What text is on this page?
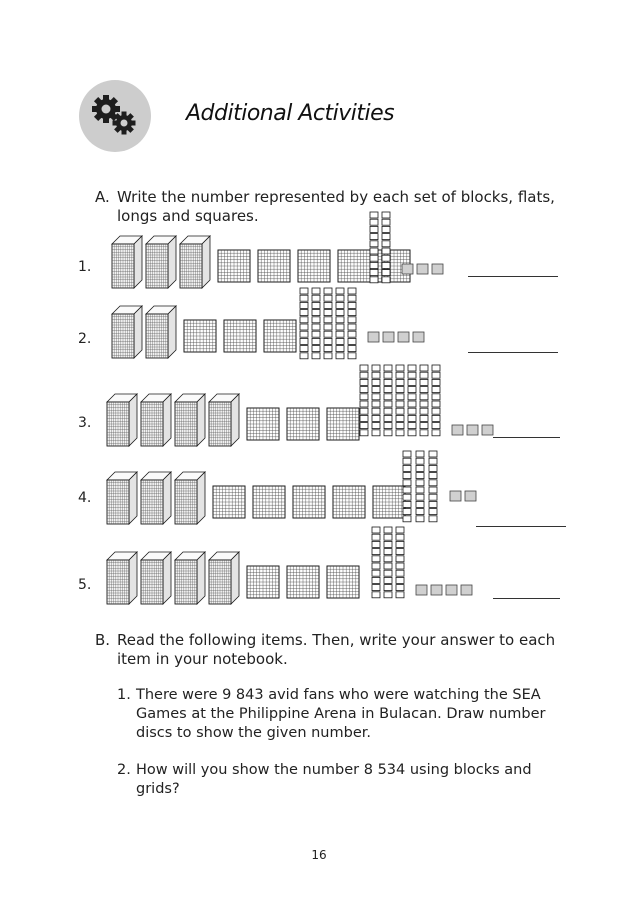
Additional Activities
A. Write the number represented by each set of blocks, flats, longs and squares.
1.
2.
3.
4.
5.
B. Read the following items. Then, write your answer to each item in your notebook.
1. There were 9 843 avid fans who were watching the SEA Games at the Philippine Arena in Bulacan. Draw number discs to show the given number.
2. How will you show the number 8 534 using blocks and grids?
16
